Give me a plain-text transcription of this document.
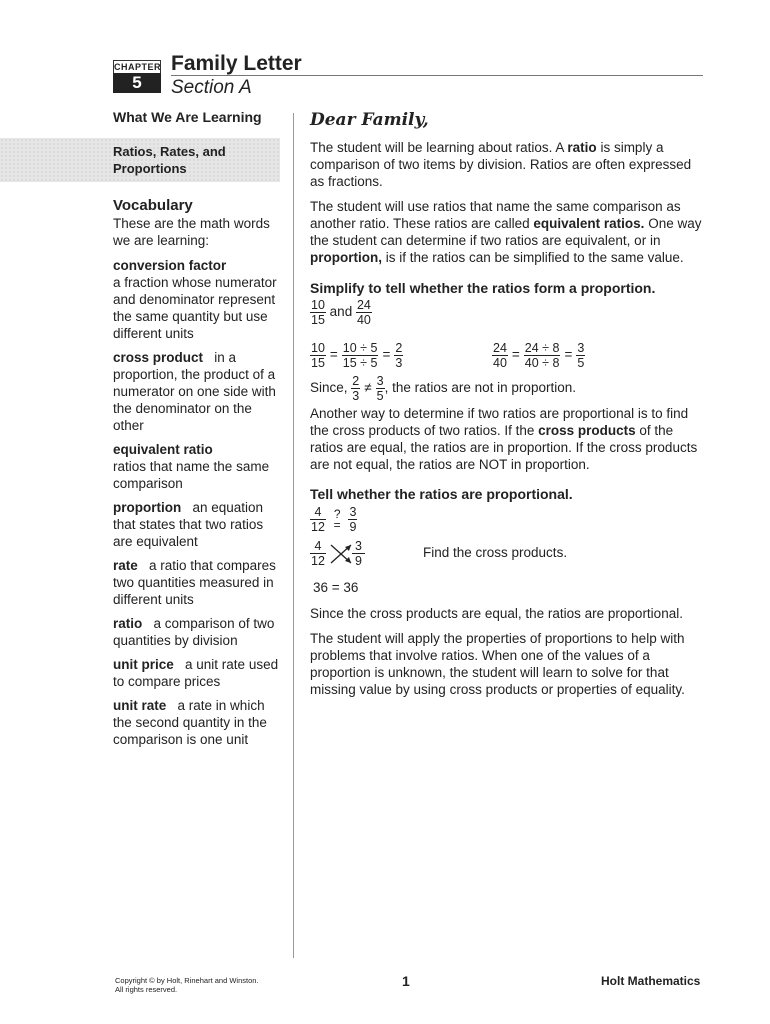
CHAPTER
5
Family Letter
Section A
What We Are Learning
Ratios, Rates, and Proportions
Vocabulary
These are the math words we are learning:
conversion factor
a fraction whose numerator and denominator represent the same quantity but use different units
cross product in a proportion, the product of a numerator on one side with the denominator on the other
equivalent ratio
ratios that name the same comparison
proportion an equation that states that two ratios are equivalent
rate a ratio that compares two quantities measured in different units
ratio a comparison of two quantities by division
unit price a unit rate used to compare prices
unit rate a rate in which the second quantity in the comparison is one unit
Dear Family,
The student will be learning about ratios. A ratio is simply a comparison of two items by division. Ratios are often expressed as fractions.
The student will use ratios that name the same comparison as another ratio. These ratios are called equivalent ratios. One way the student can determine if two ratios are equivalent, or in proportion, is if the ratios can be simplified to the same value.
Simplify to tell whether the ratios form a proportion.
$\frac{10}{15}$ and $\frac{24}{40}$
$\frac{10}{15} = \frac{10 \div 5}{15 \div 5} = \frac{2}{3}$	$\frac{24}{40} = \frac{24 \div 8}{40 \div 8} = \frac{3}{5}$
Since, $\frac{2}{3} \ne \frac{3}{5}$ , the ratios are not in proportion.
Another way to determine if two ratios are proportional is to find the cross products of two ratios. If the cross products of the ratios are equal, the ratios are in proportion. If the cross products are not equal, the ratios are NOT in proportion.
Tell whether the ratios are proportional.
$\frac{4}{12}$
?
=
$\frac{3}{9}$
$\frac{4}{12} \frac{3}{9}$	Find the cross products.
36 = 36
Since the cross products are equal, the ratios are proportional.
The student will apply the properties of proportions to help with problems that involve ratios. When one of the values of a proportion is unknown, the student will learn to solve for that missing value by using cross products or properties of equality.
Copyright © by Holt, Rinehart and Winston.
All rights reserved.
1	Holt Mathematics
